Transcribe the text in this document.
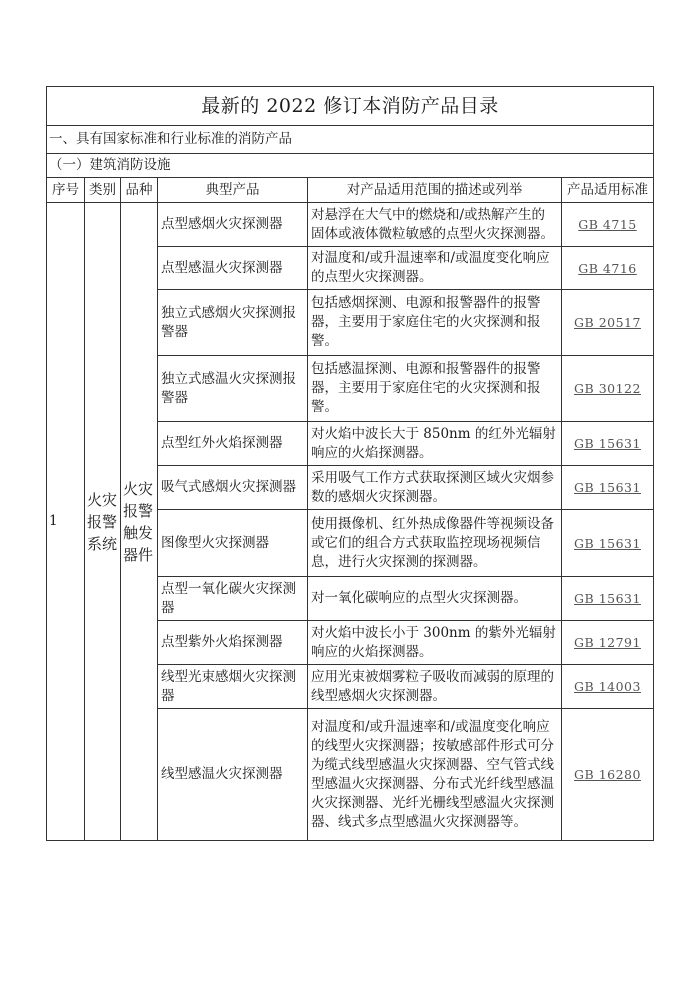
最新的 2022 修订本消防产品目录					
一、具有国家标准和行业标准的消防产品					
（一）建筑消防设施					
序号	类别	品种	典型产品	对产品适用范围的描述或列举	产品适用标准
1	火灾报警系统	火灾报警触发器件	点型感烟火灾探测器	对悬浮在大气中的燃烧和/或热解产生的固体或液体微粒敏感的点型火灾探测器。	GB 4715
			点型感温火灾探测器	对温度和/或升温速率和/或温度变化响应的点型火灾探测器。	GB 4716
			独立式感烟火灾探测报警器	包括感烟探测、电源和报警器件的报警器，主要用于家庭住宅的火灾探测和报警。	GB 20517
			独立式感温火灾探测报警器	包括感温探测、电源和报警器件的报警器，主要用于家庭住宅的火灾探测和报警。	GB 30122
			点型红外火焰探测器	对火焰中波长大于 850nm 的红外光辐射响应的火焰探测器。	GB 15631
			吸气式感烟火灾探测器	采用吸气工作方式获取探测区域火灾烟参数的感烟火灾探测器。	GB 15631
			图像型火灾探测器	使用摄像机、红外热成像器件等视频设备或它们的组合方式获取监控现场视频信息，进行火灾探测的探测器。	GB 15631
			点型一氧化碳火灾探测器	对一氧化碳响应的点型火灾探测器。	GB 15631
			点型紫外火焰探测器	对火焰中波长小于 300nm 的紫外光辐射响应的火焰探测器。	GB 12791
			线型光束感烟火灾探测器	应用光束被烟雾粒子吸收而减弱的原理的线型感烟火灾探测器。	GB 14003
			线型感温火灾探测器	对温度和/或升温速率和/或温度变化响应的线型火灾探测器；按敏感部件形式可分为缆式线型感温火灾探测器、空气管式线型感温火灾探测器、分布式光纤线型感温火灾探测器、光纤光栅线型感温火灾探测器、线式多点型感温火灾探测器等。	GB 16280
